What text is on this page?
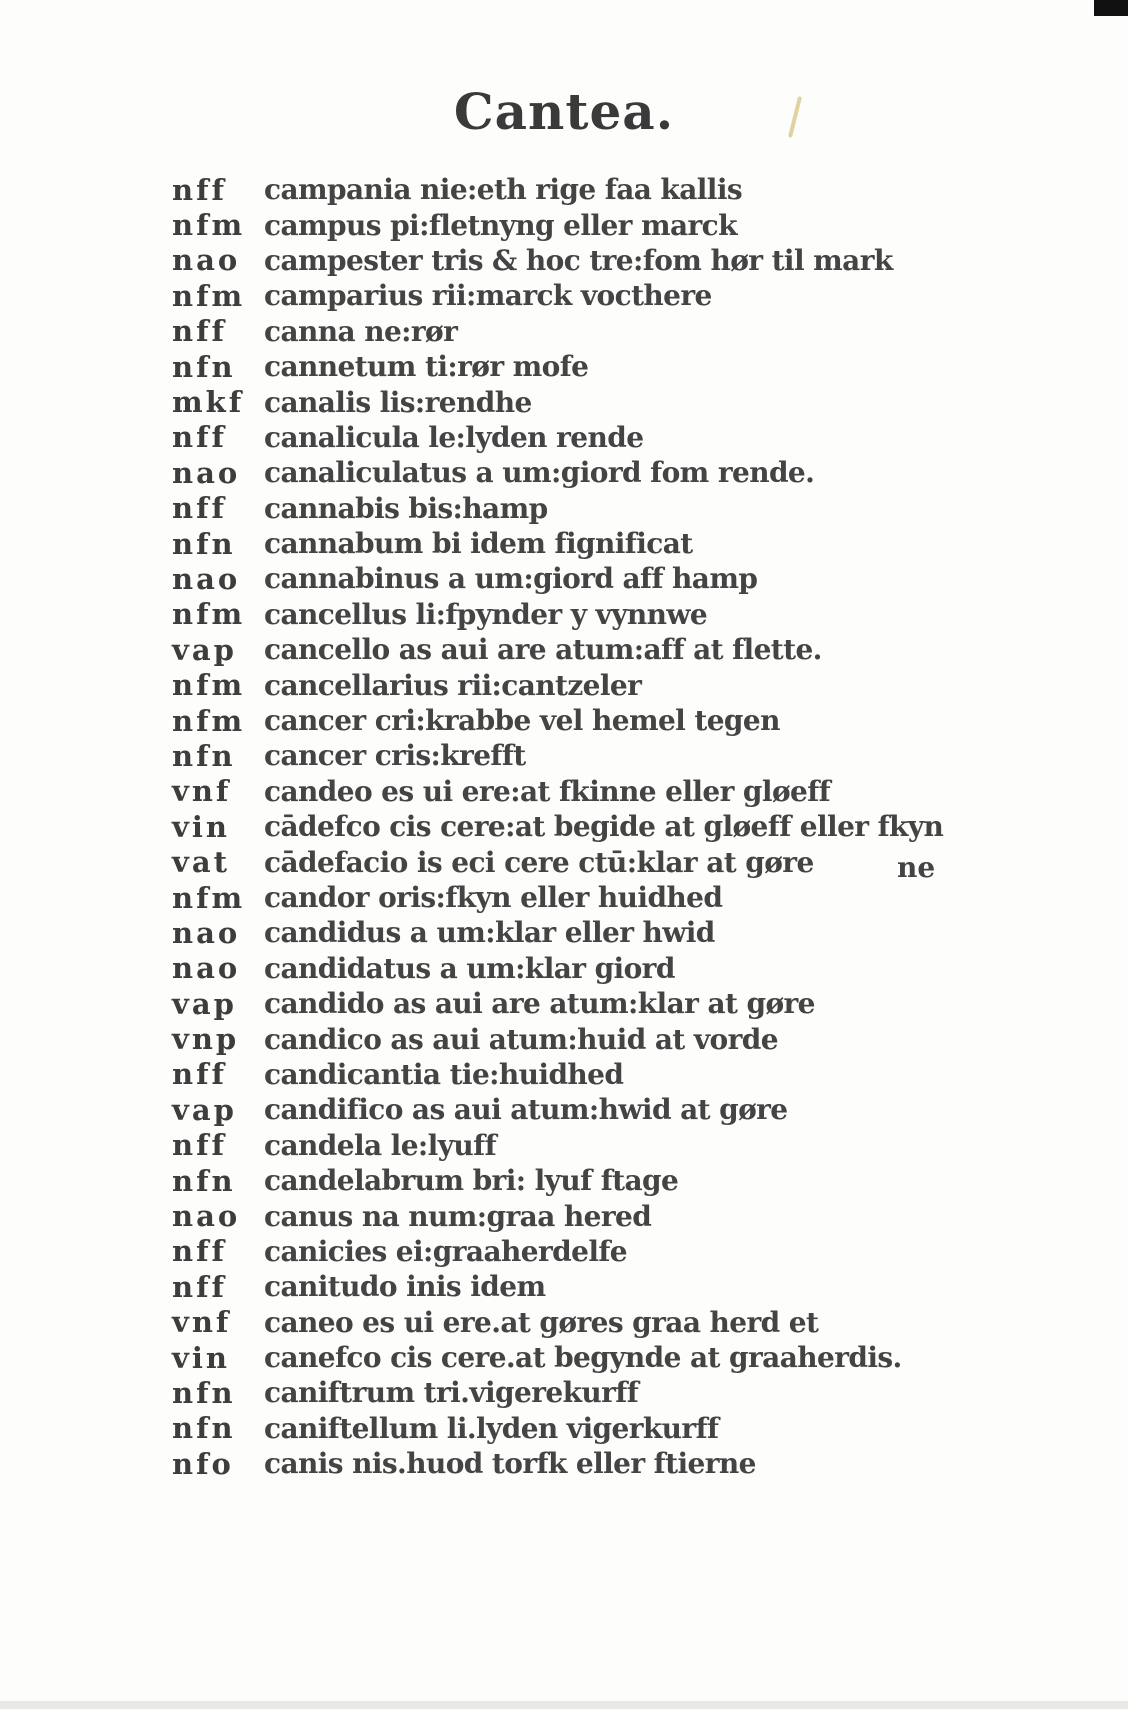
Cantea.
nff	campania nie:eth rige faa kallis
nfm campus pi:fletnyng eller marck
nao campester tris & hoc tre:fom hør til mark
nfm camparius rii:marck vocthere
nff	canna ne:rør
nfn	cannetum ti:rør mofe
mkf canalis lis:rendhe
nff	canalicula le:lyden rende
nao canaliculatus a um:giord fom rende.
nff	cannabis bis:hamp
nfn	cannabum bi idem fignificat
nao cannabinus a um:giord aff hamp
nfm cancellus li:fpynder y vynnwe
vap cancello as aui are atum:aff at flette.
nfm cancellarius rii:cantzeler
nfm cancer cri:krabbe vel hemel tegen
nfn	cancer cris:krefft
vnf	candeo es ui ere:at fkinne eller gløeff
vin	cādefco cis cere:at begide at gløeff eller fkyn
vat	cādefacio is eci cere ctū:klar at gøre
nfm candor oris:fkyn eller huidhed
nao candidus a um:klar eller hwid
nao candidatus a um:klar giord
vap candido as aui are atum:klar at gøre
vnp candico as aui atum:huid at vorde
nff	candicantia tie:huidhed
vap candifico as aui atum:hwid at gøre
nff	candela le:lyuff
nfn	candelabrum bri: lyuf ftage
nao canus na num:graa hered
nff	canicies ei:graaherdelfe
nff	canitudo inis idem
vnf	caneo es ui ere.at gøres graa herd et
vin	canefco cis cere.at begynde at graaherdis.
nfn	caniftrum tri.vigerekurff
nfn	caniftellum li.lyden vigerkurff
nfo	canis nis.huod torfk eller ftierne
ne
